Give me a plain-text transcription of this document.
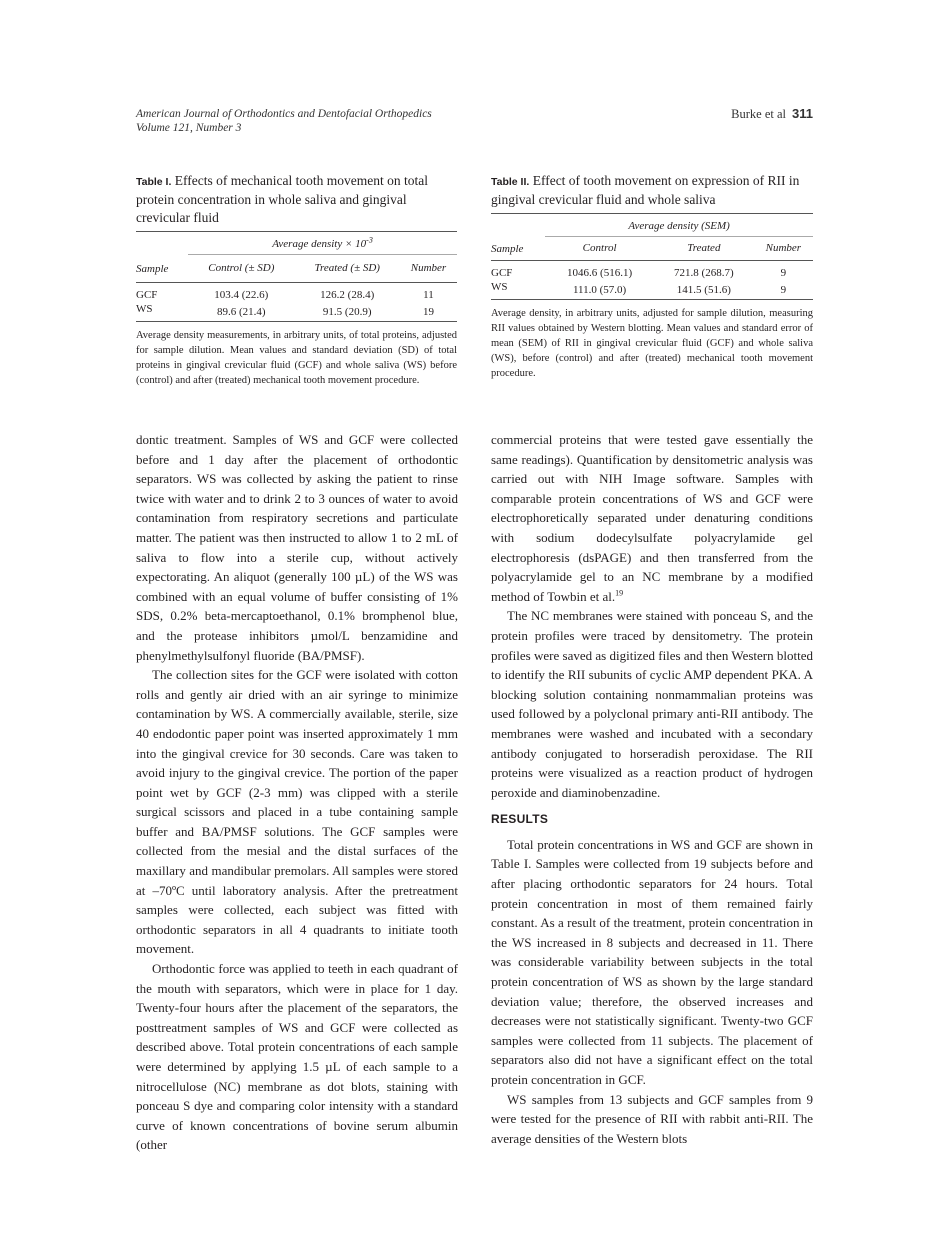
American Journal of Orthodontics and Dentofacial Orthopedics
Volume 121, Number 3
Burke et al 311
Table I. Effects of mechanical tooth movement on total protein concentration in whole saliva and gingival crevicular fluid
	Average density × $10^{-3}$
Sample	Control (± SD)	Treated (± SD)	Number
GCF	103.4 (22.6)	126.2 (28.4)	11
WS	89.6 (21.4)	91.5 (20.9)	19
Average density measurements, in arbitrary units, of total proteins, adjusted for sample dilution. Mean values and standard deviation (SD) of total proteins in gingival crevicular fluid (GCF) and whole saliva (WS) before (control) and after (treated) mechanical tooth movement procedure.
Table II. Effect of tooth movement on expression of RII in gingival crevicular fluid and whole saliva
	Average density (SEM)		
Sample	Control	Treated	Number
GCF	1046.6 (516.1)	721.8 (268.7)	9
WS	111.0 (57.0)	141.5 (51.6)	9
Average density, in arbitrary units, adjusted for sample dilution, measuring RII values obtained by Western blotting. Mean values and standard error of mean (SEM) of RII in gingival crevicular fluid (GCF) and whole saliva (WS), before (control) and after (treated) mechanical tooth movement procedure.

dontic treatment. Samples of WS and GCF were collected before and 1 day after the placement of orthodontic separators. WS was collected by asking the patient to rinse twice with water and to drink 2 to 3 ounces of water to avoid contamination from respiratory secretions and particulate matter. The patient was then instructed to allow 1 to 2 mL of saliva to flow into a sterile cup, without actively expectorating. An aliquot (generally 100 µL) of the WS was combined with an equal volume of buffer consisting of 1% SDS, 0.2% beta-mercaptoethanol, 0.1% bromphenol blue, and the protease inhibitors µmol/L benzamidine and phenylmethylsulfonyl fluoride (BA/PMSF).

The collection sites for the GCF were isolated with cotton rolls and gently air dried with an air syringe to minimize contamination by WS. A commercially available, sterile, size 40 endodontic paper point was inserted approximately 1 mm into the gingival crevice for 30 seconds. Care was taken to avoid injury to the gingival crevice. The portion of the paper point wet by GCF (2-3 mm) was clipped with a sterile surgical scissors and placed in a tube containing sample buffer and BA/PMSF solutions. The GCF samples were collected from the mesial and the distal surfaces of the maxillary and mandibular premolars. All samples were stored at –70ºC until laboratory analysis. After the pretreatment samples were collected, each subject was fitted with orthodontic separators in all 4 quadrants to initiate tooth movement.

Orthodontic force was applied to teeth in each quadrant of the mouth with separators, which were in place for 1 day. Twenty-four hours after the placement of the separators, the posttreatment samples of WS and GCF were collected as described above. Total protein concentrations of each sample were determined by applying 1.5 µL of each sample to a nitrocellulose (NC) membrane as dot blots, staining with ponceau S dye and comparing color intensity with a standard curve of known concentrations of bovine serum albumin (other

commercial proteins that were tested gave essentially the same readings). Quantification by densitometric analysis was carried out with NIH Image software. Samples with comparable protein concentrations of WS and GCF were electrophoretically separated under denaturing conditions with sodium dodecylsulfate polyacrylamide gel electrophoresis (dsPAGE) and then transferred from the polyacrylamide gel to an NC membrane by a modified method of Towbin et al.$^{19}$

The NC membranes were stained with ponceau S, and the protein profiles were traced by densitometry. The protein profiles were saved as digitized files and then Western blotted to identify the RII subunits of cyclic AMP dependent PKA. A blocking solution containing nonmammalian proteins was used followed by a polyclonal primary anti-RII antibody. The membranes were washed and incubated with a secondary antibody conjugated to horseradish peroxidase. The RII proteins were visualized as a reaction product of hydrogen peroxide and diaminobenzadine.

RESULTS

Total protein concentrations in WS and GCF are shown in Table I. Samples were collected from 19 subjects before and after placing orthodontic separators for 24 hours. Total protein concentration in most of them remained fairly constant. As a result of the treatment, protein concentration in the WS increased in 8 subjects and decreased in 11. There was considerable variability between subjects in the total protein concentration of WS as shown by the large standard deviation value; therefore, the observed increases and decreases were not statistically significant. Twenty-two GCF samples were collected from 11 subjects. The placement of separators also did not have a significant effect on the total protein concentration in GCF.

WS samples from 13 subjects and GCF samples from 9 were tested for the presence of RII with rabbit anti-RII. The average densities of the Western blots
